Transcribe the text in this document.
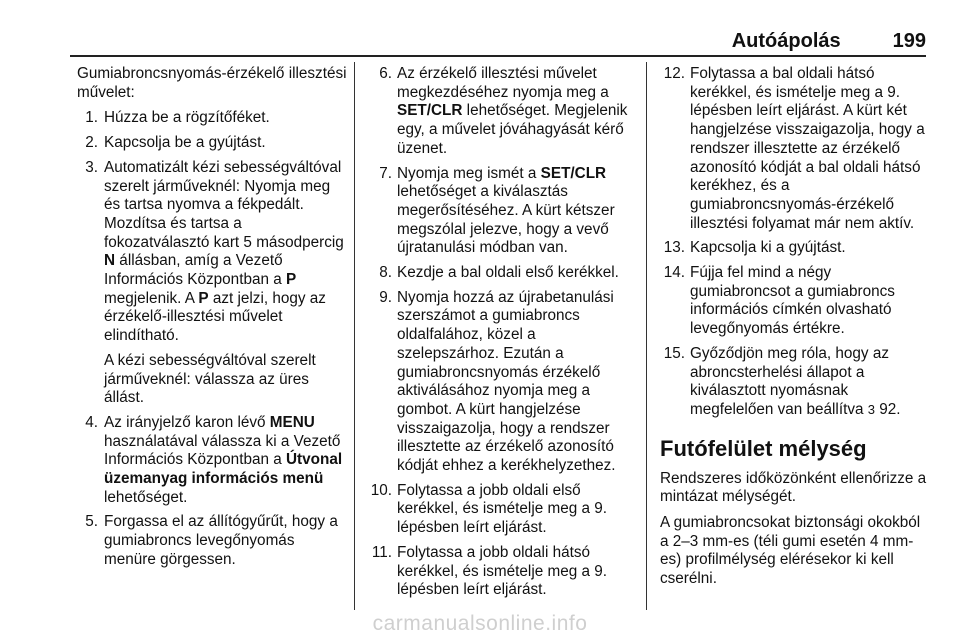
Autóápolás	199

Gumiabroncsnyomás-érzékelő illesztési művelet:

1. Húzza be a rögzítőféket.
2. Kapcsolja be a gyújtást.
3. Automatizált kézi sebességváltóval szerelt járműveknél: Nyomja meg és tartsa nyomva a fékpedált. Mozdítsa és tartsa a fokozatválasztó kart 5 másodpercig N állásban, amíg a Vezető Információs Központban a P megjelenik. A P azt jelzi, hogy az érzékelő-illesztési művelet elindítható.

A kézi sebességváltóval szerelt járműveknél: válassza az üres állást.

4. Az irányjelző karon lévő MENU használatával válassza ki a Vezető Információs Központban a Útvonal üzemanyag információs menü lehetőséget.
5. Forgassa el az állítógyűrűt, hogy a gumiabroncs levegőnyomás menüre görgessen.
6. Az érzékelő illesztési művelet megkezdéséhez nyomja meg a SET/CLR lehetőséget. Megjelenik egy, a művelet jóváhagyását kérő üzenet.
7. Nyomja meg ismét a SET/CLR lehetőséget a kiválasztás megerősítéséhez. A kürt kétszer megszólal jelezve, hogy a vevő újratanulási módban van.
8. Kezdje a bal oldali első kerékkel.
9. Nyomja hozzá az újrabetanulási szerszámot a gumiabroncs oldalfalához, közel a szelepszárhoz. Ezután a gumiabroncsnyomás érzékelő aktiválásához nyomja meg a gombot. A kürt hangjelzése visszaigazolja, hogy a rendszer illesztette az érzékelő azonosító kódját ehhez a kerékhelyzethez.
10. Folytassa a jobb oldali első kerékkel, és ismételje meg a 9. lépésben leírt eljárást.
11. Folytassa a jobb oldali hátsó kerékkel, és ismételje meg a 9. lépésben leírt eljárást.
12. Folytassa a bal oldali hátsó kerékkel, és ismételje meg a 9. lépésben leírt eljárást. A kürt két hangjelzése visszaigazolja, hogy a rendszer illesztette az érzékelő azonosító kódját a bal oldali hátsó kerékhez, és a gumiabroncsnyomás-érzékelő illesztési folyamat már nem aktív.
13. Kapcsolja ki a gyújtást.
14. Fújja fel mind a négy gumiabroncsot a gumiabroncs információs címkén olvasható levegőnyomás értékre.
15. Győződjön meg róla, hogy az abroncsterhelési állapot a kiválasztott nyomásnak megfelelően van beállítva 3 92.
Futófelület mélység

Rendszeres időközönként ellenőrizze a mintázat mélységét.

A gumiabroncsokat biztonsági okokból a 2–3 mm-es (téli gumi esetén 4 mm-es) profilmélység elérésekor ki kell cserélni.

carmanualsonline.info
